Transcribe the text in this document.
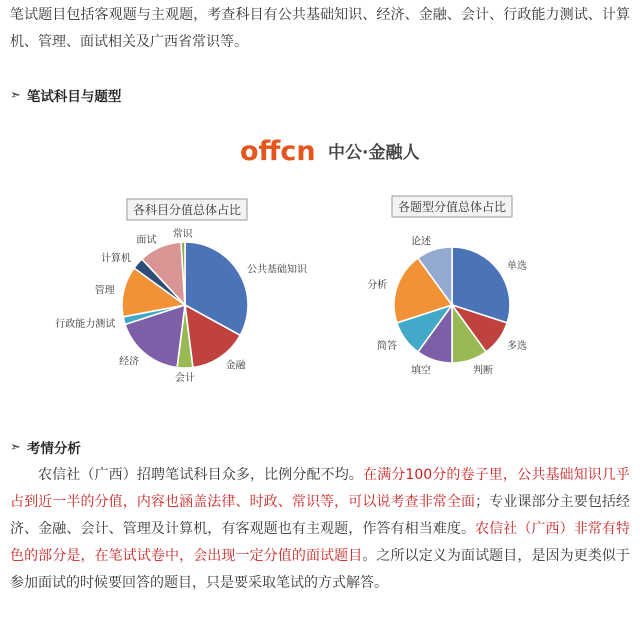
笔试题目包括客观题与主观题，考查科目有公共基础知识、经济、金融、会计、行政能力测试、计算机、管理、面试相关及广西省常识等。

➣ 笔试科目与题型
offcn 中公·金融人
各科目分值总体占比
公共基础知识
金融
会计
经济
行政能力测试
管理
计算机
面试
常识
各题型分值总体占比
单选
多选
判断
填空
简答
分析
论述
➣ 考情分析

农信社（广西）招聘笔试科目众多，比例分配不均。在满分100分的卷子里，公共基础知识几乎占到近一半的分值，内容也涵盖法律、时政、常识等，可以说考查非常全面；专业课部分主要包括经济、金融、会计、管理及计算机，有客观题也有主观题，作答有相当难度。农信社（广西）非常有特色的部分是，在笔试试卷中，会出现一定分值的面试题目。之所以定义为面试题目，是因为更类似于参加面试的时候要回答的题目，只是要采取笔试的方式解答。
